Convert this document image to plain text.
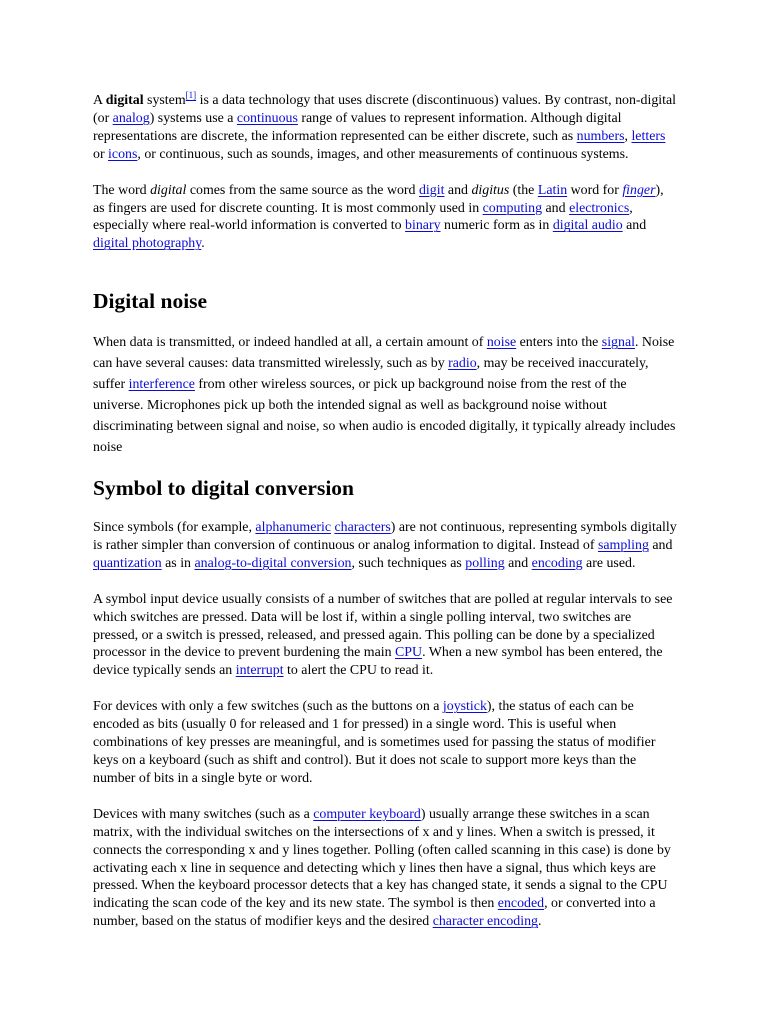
A digital system[1] is a data technology that uses discrete (discontinuous) values. By contrast, non-digital (or analog) systems use a continuous range of values to represent information. Although digital representations are discrete, the information represented can be either discrete, such as numbers, letters or icons, or continuous, such as sounds, images, and other measurements of continuous systems.

The word digital comes from the same source as the word digit and digitus (the Latin word for finger), as fingers are used for discrete counting. It is most commonly used in computing and electronics, especially where real-world information is converted to binary numeric form as in digital audio and digital photography.

Digital noise

When data is transmitted, or indeed handled at all, a certain amount of noise enters into the signal. Noise can have several causes: data transmitted wirelessly, such as by radio, may be received inaccurately, suffer interference from other wireless sources, or pick up background noise from the rest of the universe. Microphones pick up both the intended signal as well as background noise without discriminating between signal and noise, so when audio is encoded digitally, it typically already includes noise

Symbol to digital conversion

Since symbols (for example, alphanumeric characters) are not continuous, representing symbols digitally is rather simpler than conversion of continuous or analog information to digital. Instead of sampling and quantization as in analog-to-digital conversion, such techniques as polling and encoding are used.

A symbol input device usually consists of a number of switches that are polled at regular intervals to see which switches are pressed. Data will be lost if, within a single polling interval, two switches are pressed, or a switch is pressed, released, and pressed again. This polling can be done by a specialized processor in the device to prevent burdening the main CPU. When a new symbol has been entered, the device typically sends an interrupt to alert the CPU to read it.

For devices with only a few switches (such as the buttons on a joystick), the status of each can be encoded as bits (usually 0 for released and 1 for pressed) in a single word. This is useful when combinations of key presses are meaningful, and is sometimes used for passing the status of modifier keys on a keyboard (such as shift and control). But it does not scale to support more keys than the number of bits in a single byte or word.

Devices with many switches (such as a computer keyboard) usually arrange these switches in a scan matrix, with the individual switches on the intersections of x and y lines. When a switch is pressed, it connects the corresponding x and y lines together. Polling (often called scanning in this case) is done by activating each x line in sequence and detecting which y lines then have a signal, thus which keys are pressed. When the keyboard processor detects that a key has changed state, it sends a signal to the CPU indicating the scan code of the key and its new state. The symbol is then encoded, or converted into a number, based on the status of modifier keys and the desired character encoding.
